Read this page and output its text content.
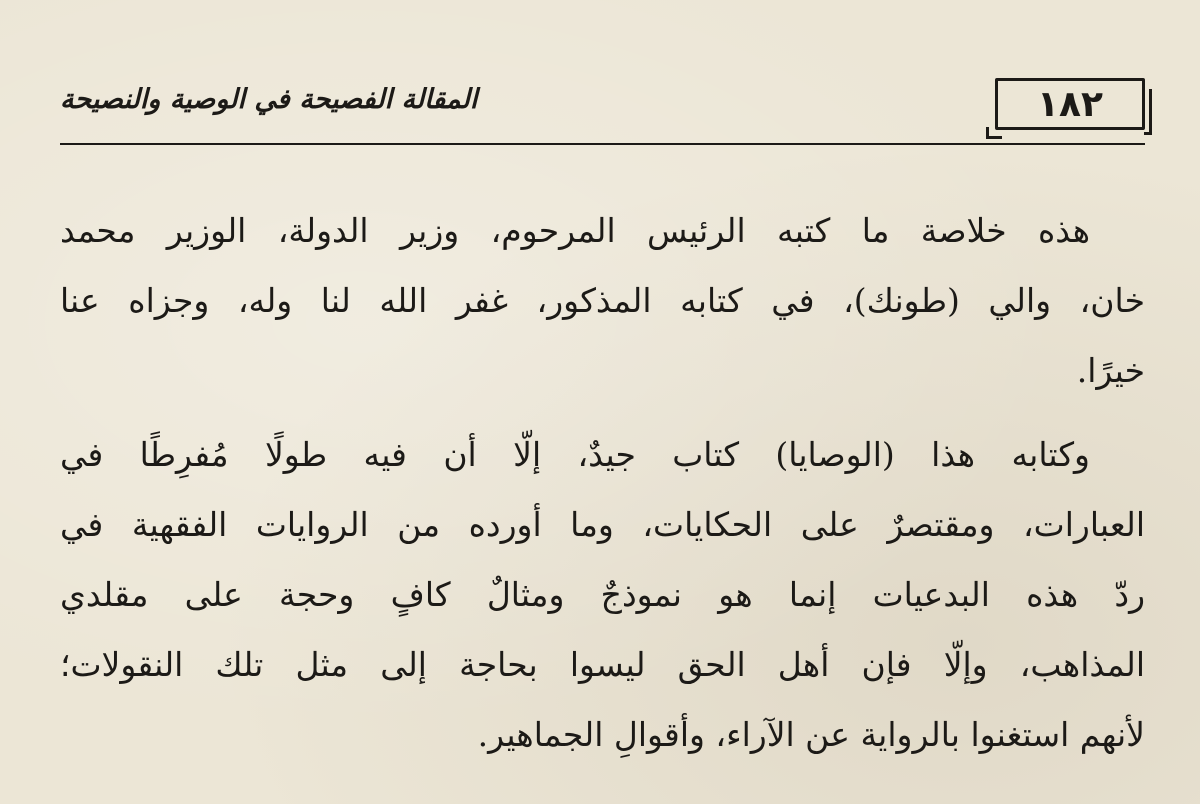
١٨٢
المقالة الفصيحة في الوصية والنصيحة
هذه خلاصة ما كتبه الرئيس المرحوم، وزير الدولة، الوزير محمد
خان، والي (طونك)، في كتابه المذكور، غفر الله لنا وله، وجزاه عنا
خيرًا.
وكتابه هذا (الوصايا) كتاب جيدٌ، إلّا أن فيه طولًا مُفرِطًا في
العبارات، ومقتصرٌ على الحكايات، وما أورده من الروايات الفقهية في
ردّ هذه البدعيات إنما هو نموذجٌ ومثالٌ كافٍ وحجة على مقلدي
المذاهب، وإلّا فإن أهل الحق ليسوا بحاجة إلى مثل تلك النقولات؛
لأنهم استغنوا بالرواية عن الآراء، وأقوالِ الجماهير.
